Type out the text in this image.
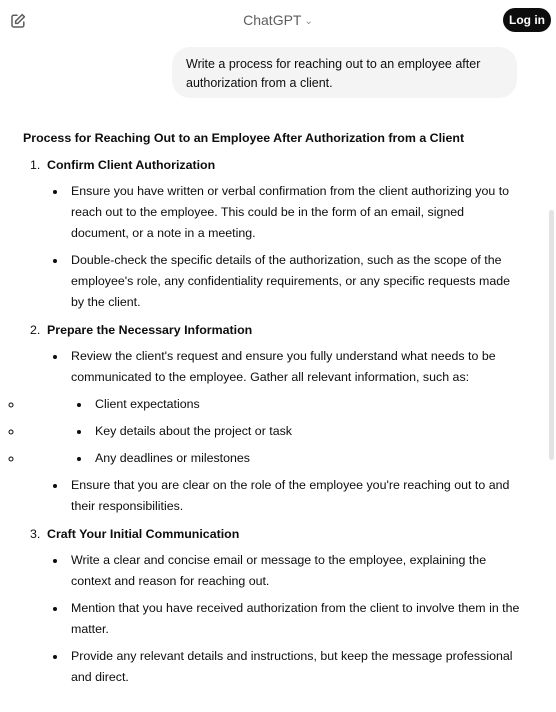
ChatGPT ⌄	Log in
Write a process for reaching out to an employee after authorization from a client.
Process for Reaching Out to an Employee After Authorization from a Client
1. Confirm Client Authorization
Ensure you have written or verbal confirmation from the client authorizing you to reach out to the employee. This could be in the form of an email, signed document, or a note in a meeting.
Double-check the specific details of the authorization, such as the scope of the employee's role, any confidentiality requirements, or any specific requests made by the client.
2. Prepare the Necessary Information
Review the client's request and ensure you fully understand what needs to be communicated to the employee. Gather all relevant information, such as:
◦ Client expectations
◦ Key details about the project or task
◦ Any deadlines or milestones
Ensure that you are clear on the role of the employee you're reaching out to and their responsibilities.
3. Craft Your Initial Communication
Write a clear and concise email or message to the employee, explaining the context and reason for reaching out.
Mention that you have received authorization from the client to involve them in the matter.
Provide any relevant details and instructions, but keep the message professional and direct.
